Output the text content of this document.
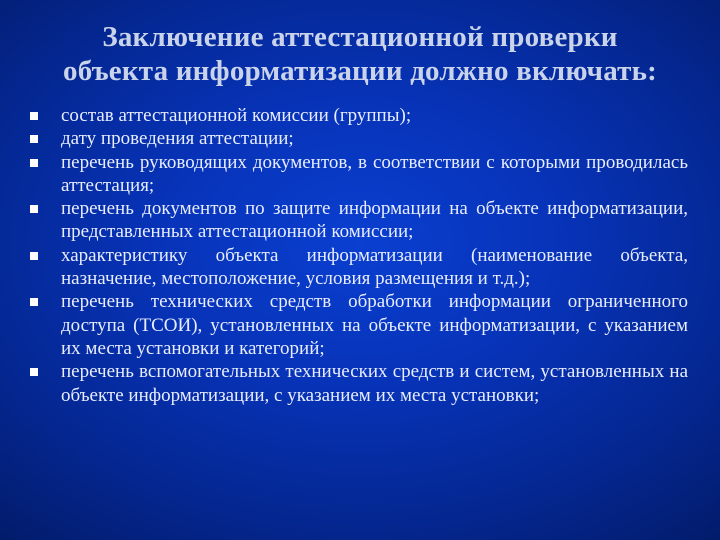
Заключение аттестационной проверки
объекта информатизации должно включать:
состав аттестационной комиссии (группы);
дату проведения аттестации;
перечень руководящих документов, в соответствии с которыми проводилась аттестация;
перечень документов по защите информации на объекте информатизации, представленных аттестационной комиссии;
характеристику объекта информатизации (наименование объекта, назначение, местоположение, условия размещения и т.д.);
перечень технических средств обработки информации ограниченного доступа (ТСОИ), установленных на объекте информатизации, с указанием их места установки и категорий;
перечень вспомогательных технических средств и систем, установленных на объекте информатизации, с указанием их места установки;
